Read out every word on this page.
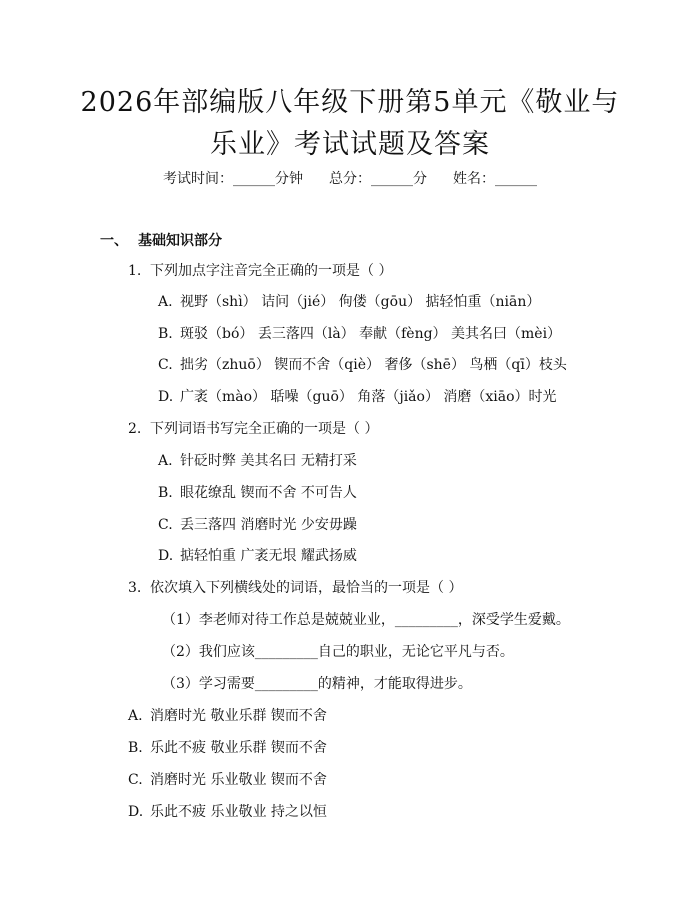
2026年部编版八年级下册第5单元《敬业与
乐业》考试试题及答案
考试时间：______分钟 总分：______分 姓名：______
一、 基础知识部分
1. 下列加点字注音完全正确的一项是（ ）
A. 视野（shì） 诘问（jié） 佝偻（gōu） 掂轻怕重（niān）
B. 斑驳（bó） 丢三落四（là） 奉献（fèng） 美其名曰（mèi）
C. 拙劣（zhuō） 锲而不舍（qiè） 奢侈（shē） 鸟栖（qī）枝头
D. 广袤（mào） 聒噪（guō） 角落（jiǎo） 消磨（xiāo）时光
2. 下列词语书写完全正确的一项是（ ）
A. 针砭时弊 美其名曰 无精打采
B. 眼花缭乱 锲而不舍 不可告人
C. 丢三落四 消磨时光 少安毋躁
D. 掂轻怕重 广袤无垠 耀武扬威
3. 依次填入下列横线处的词语，最恰当的一项是（ ）
（1）李老师对待工作总是兢兢业业，_________，深受学生爱戴。
（2）我们应该_________自己的职业，无论它平凡与否。
（3）学习需要_________的精神，才能取得进步。
A. 消磨时光 敬业乐群 锲而不舍
B. 乐此不疲 敬业乐群 锲而不舍
C. 消磨时光 乐业敬业 锲而不舍
D. 乐此不疲 乐业敬业 持之以恒
